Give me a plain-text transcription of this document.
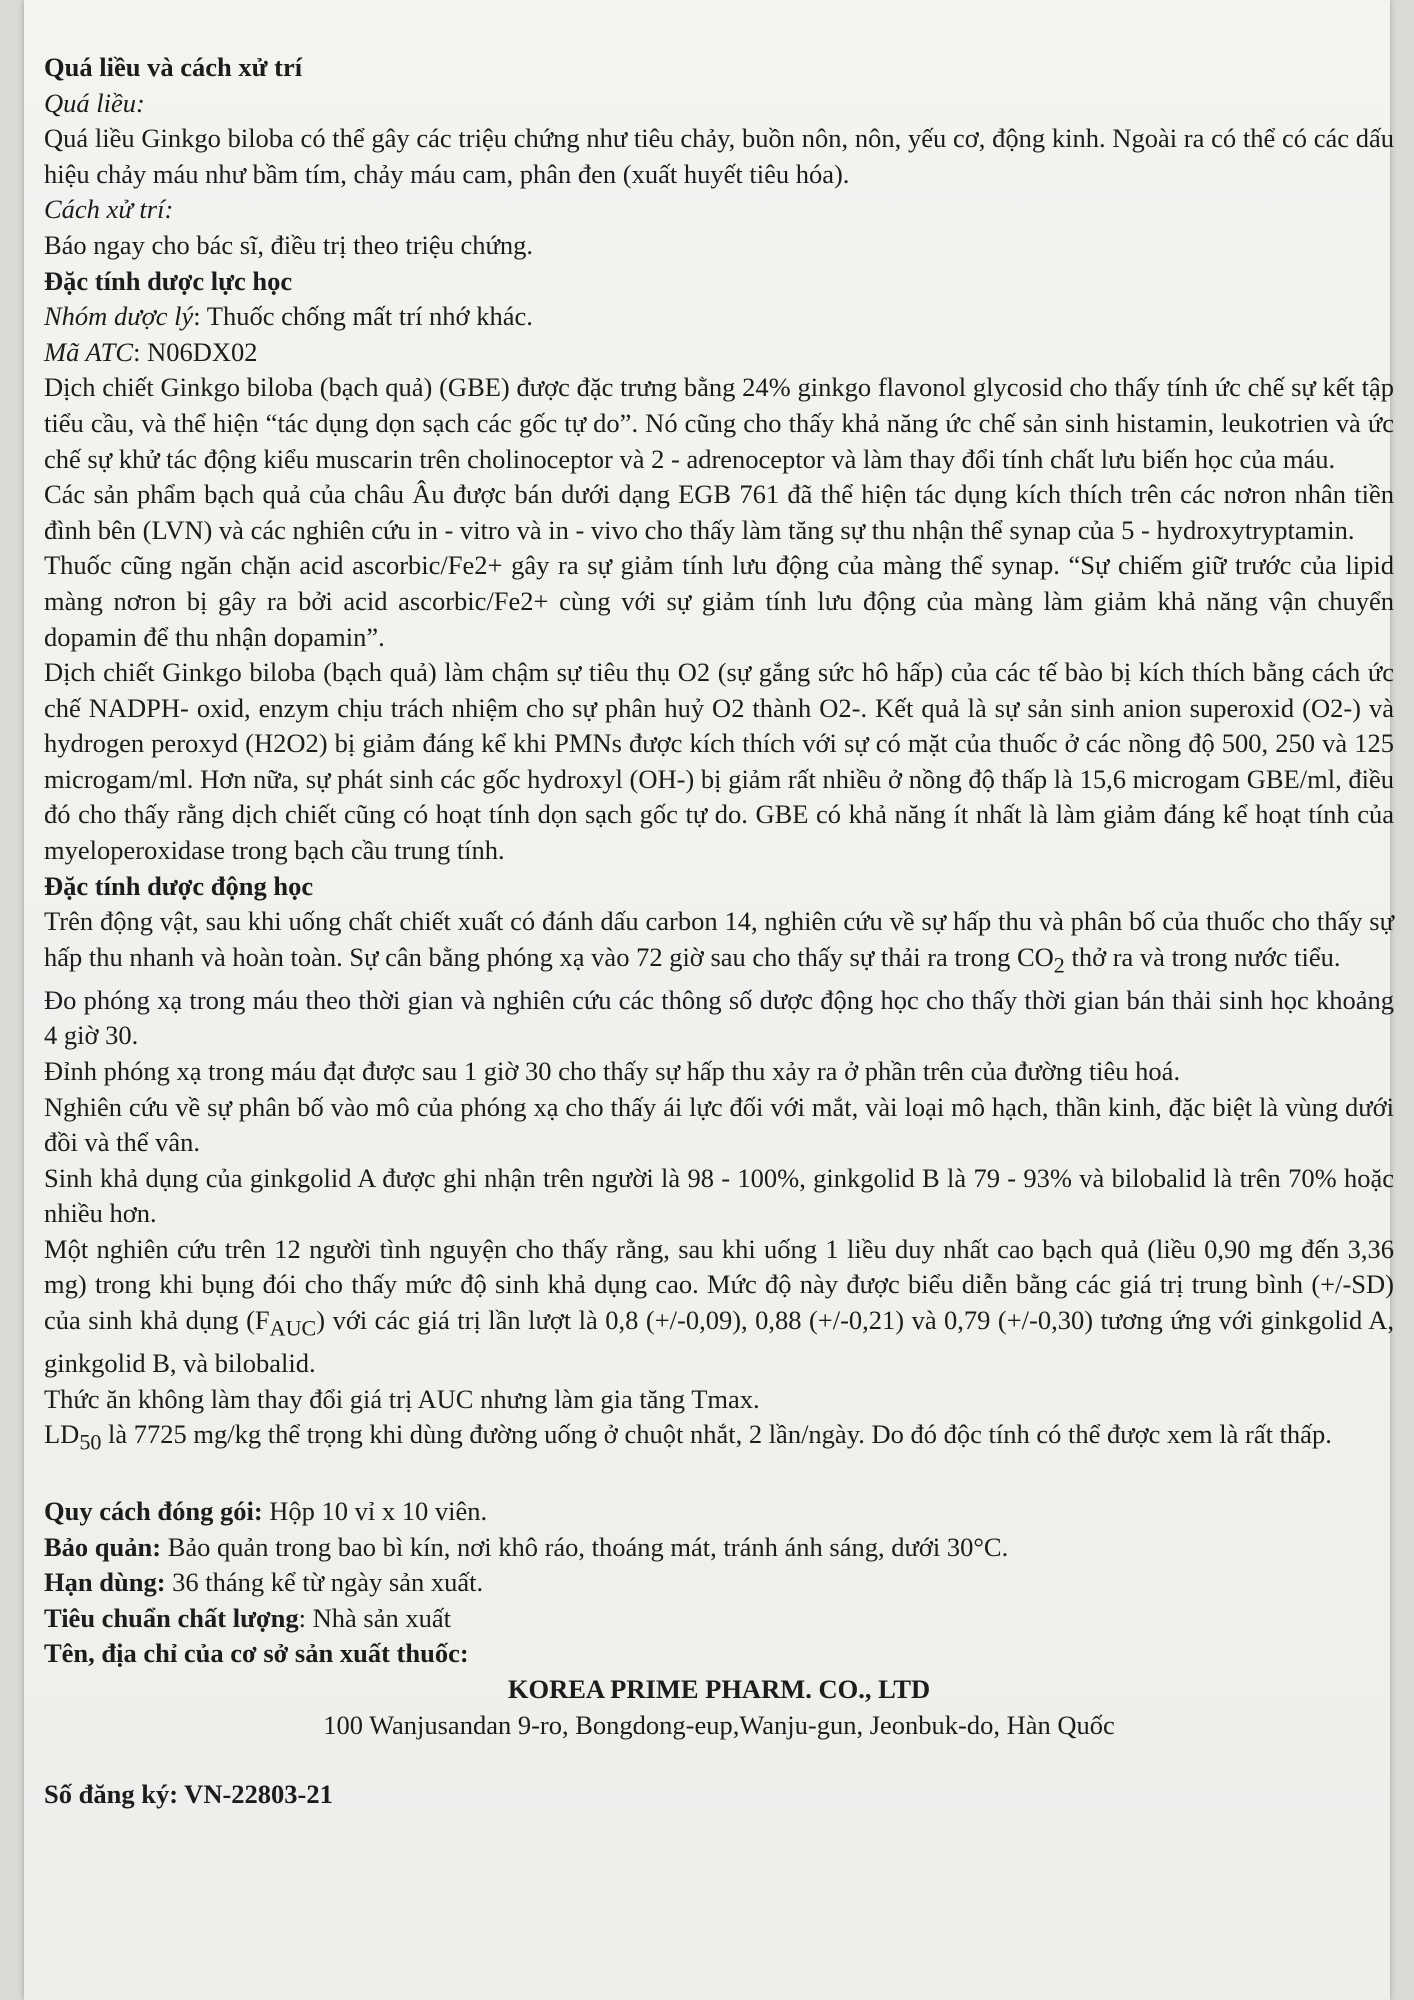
Quá liều và cách xử trí

Quá liều:

Quá liều Ginkgo biloba có thể gây các triệu chứng như tiêu chảy, buồn nôn, nôn, yếu cơ, động kinh. Ngoài ra có thể có các dấu hiệu chảy máu như bầm tím, chảy máu cam, phân đen (xuất huyết tiêu hóa).

Cách xử trí:

Báo ngay cho bác sĩ, điều trị theo triệu chứng.

Đặc tính dược lực học

Nhóm dược lý: Thuốc chống mất trí nhớ khác.

Mã ATC: N06DX02

Dịch chiết Ginkgo biloba (bạch quả) (GBE) được đặc trưng bằng 24% ginkgo flavonol glycosid cho thấy tính ức chế sự kết tập tiểu cầu, và thể hiện “tác dụng dọn sạch các gốc tự do”. Nó cũng cho thấy khả năng ức chế sản sinh histamin, leukotrien và ức chế sự khử tác động kiểu muscarin trên cholinoceptor và 2 - adrenoceptor và làm thay đổi tính chất lưu biến học của máu.

Các sản phẩm bạch quả của châu Âu được bán dưới dạng EGB 761 đã thể hiện tác dụng kích thích trên các nơron nhân tiền đình bên (LVN) và các nghiên cứu in - vitro và in - vivo cho thấy làm tăng sự thu nhận thể synap của 5 - hydroxytryptamin.

Thuốc cũng ngăn chặn acid ascorbic/Fe2+ gây ra sự giảm tính lưu động của màng thể synap. “Sự chiếm giữ trước của lipid màng nơron bị gây ra bởi acid ascorbic/Fe2+ cùng với sự giảm tính lưu động của màng làm giảm khả năng vận chuyển dopamin để thu nhận dopamin”.

Dịch chiết Ginkgo biloba (bạch quả) làm chậm sự tiêu thụ O2 (sự gắng sức hô hấp) của các tế bào bị kích thích bằng cách ức chế NADPH- oxid, enzym chịu trách nhiệm cho sự phân huỷ O2 thành O2-. Kết quả là sự sản sinh anion superoxid (O2-) và hydrogen peroxyd (H2O2) bị giảm đáng kể khi PMNs được kích thích với sự có mặt của thuốc ở các nồng độ 500, 250 và 125 microgam/ml. Hơn nữa, sự phát sinh các gốc hydroxyl (OH-) bị giảm rất nhiều ở nồng độ thấp là 15,6 microgam GBE/ml, điều đó cho thấy rằng dịch chiết cũng có hoạt tính dọn sạch gốc tự do. GBE có khả năng ít nhất là làm giảm đáng kể hoạt tính của myeloperoxidase trong bạch cầu trung tính.

Đặc tính dược động học

Trên động vật, sau khi uống chất chiết xuất có đánh dấu carbon 14, nghiên cứu về sự hấp thu và phân bố của thuốc cho thấy sự hấp thu nhanh và hoàn toàn. Sự cân bằng phóng xạ vào 72 giờ sau cho thấy sự thải ra trong $CO_2$ thở ra và trong nước tiểu.

Đo phóng xạ trong máu theo thời gian và nghiên cứu các thông số dược động học cho thấy thời gian bán thải sinh học khoảng 4 giờ 30.

Đỉnh phóng xạ trong máu đạt được sau 1 giờ 30 cho thấy sự hấp thu xảy ra ở phần trên của đường tiêu hoá.

Nghiên cứu về sự phân bố vào mô của phóng xạ cho thấy ái lực đối với mắt, vài loại mô hạch, thần kinh, đặc biệt là vùng dưới đồi và thể vân.

Sinh khả dụng của ginkgolid A được ghi nhận trên người là 98 - 100%, ginkgolid B là 79 - 93% và bilobalid là trên 70% hoặc nhiều hơn.

Một nghiên cứu trên 12 người tình nguyện cho thấy rằng, sau khi uống 1 liều duy nhất cao bạch quả (liều 0,90 mg đến 3,36 mg) trong khi bụng đói cho thấy mức độ sinh khả dụng cao. Mức độ này được biểu diễn bằng các giá trị trung bình (+/-SD) của sinh khả dụng $(F_{AUC})$ với các giá trị lần lượt là 0,8 (+/-0,09), 0,88 (+/-0,21) và 0,79 (+/-0,30) tương ứng với ginkgolid A, ginkgolid B, và bilobalid.

Thức ăn không làm thay đổi giá trị AUC nhưng làm gia tăng Tmax.

$LD_{50}$ là 7725 mg/kg thể trọng khi dùng đường uống ở chuột nhắt, 2 lần/ngày. Do đó độc tính có thể được xem là rất thấp.

Quy cách đóng gói: Hộp 10 vỉ x 10 viên.

Bảo quản: Bảo quản trong bao bì kín, nơi khô ráo, thoáng mát, tránh ánh sáng, dưới 30°C.

Hạn dùng: 36 tháng kể từ ngày sản xuất.

Tiêu chuẩn chất lượng: Nhà sản xuất

Tên, địa chỉ của cơ sở sản xuất thuốc:

KOREA PRIME PHARM. CO., LTD

100 Wanjusandan 9-ro, Bongdong-eup,Wanju-gun, Jeonbuk-do, Hàn Quốc

Số đăng ký: VN-22803-21
